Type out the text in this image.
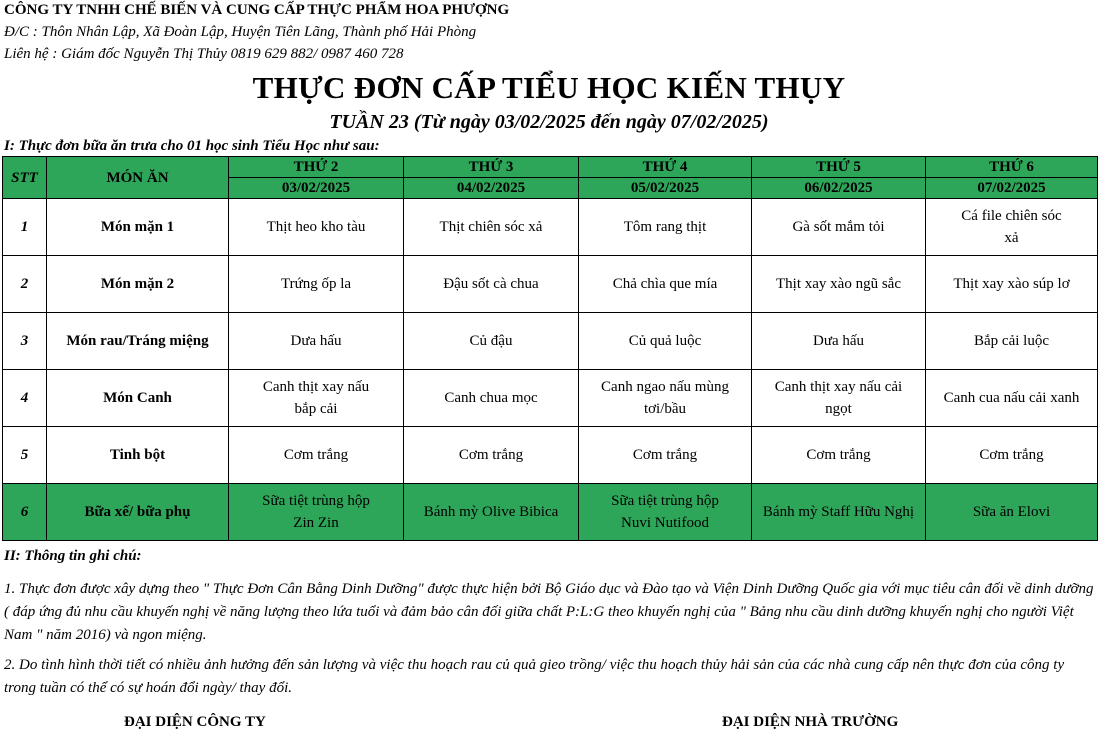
CÔNG TY TNHH CHẾ BIẾN VÀ CUNG CẤP THỰC PHẨM HOA PHƯỢNG
Đ/C : Thôn Nhân Lập, Xã Đoàn Lập, Huyện Tiên Lãng, Thành phố Hải Phòng
Liên hệ : Giám đốc Nguyễn Thị Thủy 0819 629 882/ 0987 460 728
THỰC ĐƠN CẤP TIỂU HỌC KIẾN THỤY
TUẦN 23 (Từ ngày 03/02/2025 đến ngày 07/02/2025)
I: Thực đơn bữa ăn trưa cho 01 học sinh Tiểu Học như sau:
STT	MÓN ĂN	THỨ 2	THỨ 3	THỨ 4	THỨ 5	THỨ 6
		03/02/2025	04/02/2025	05/02/2025	06/02/2025	07/02/2025
1	Món mặn 1	Thịt heo kho tàu	Thịt chiên sóc xả	Tôm rang thịt	Gà sốt mắm tỏi	Cá file chiên sóc xả
2	Món mặn 2	Trứng ốp la	Đậu sốt cà chua	Chả chìa que mía	Thịt xay xào ngũ sắc	Thịt xay xào súp lơ
3	Món rau/Tráng miệng	Dưa hấu	Củ đậu	Củ quả luộc	Dưa hấu	Bắp cải luộc
4	Món Canh	Canh thịt xay nấu bắp cải	Canh chua mọc	Canh ngao nấu mùng tơi/bầu	Canh thịt xay nấu cải ngọt	Canh cua nấu cải xanh
5	Tinh bột	Cơm trắng	Cơm trắng	Cơm trắng	Cơm trắng	Cơm trắng
6	Bữa xế/ bữa phụ	Sữa tiệt trùng hộp Zin Zin	Bánh mỳ Olive Bibica	Sữa tiệt trùng hộp Nuvi Nutifood	Bánh mỳ Staff Hữu Nghị	Sữa ăn Elovi
II: Thông tin ghi chú:
1. Thực đơn được xây dựng theo " Thực Đơn Cân Bằng Dinh Dưỡng" được thực hiện bởi Bộ Giáo dục và Đào tạo và Viện Dinh Dưỡng Quốc gia với mục tiêu cân đối về dinh dưỡng ( đáp ứng đủ nhu cầu khuyến nghị về năng lượng theo lứa tuổi và đảm bảo cân đối giữa chất P:L:G theo khuyến nghị của " Bảng nhu cầu dinh dưỡng khuyến nghị cho người Việt Nam " năm 2016) và ngon miệng.
2. Do tình hình thời tiết có nhiều ảnh hưởng đến sản lượng và việc thu hoạch rau củ quả gieo trồng/ việc thu hoạch thủy hải sản của các nhà cung cấp nên thực đơn của công ty trong tuần có thể có sự hoán đổi ngày/ thay đổi.
ĐẠI DIỆN CÔNG TY	ĐẠI DIỆN NHÀ TRƯỜNG
